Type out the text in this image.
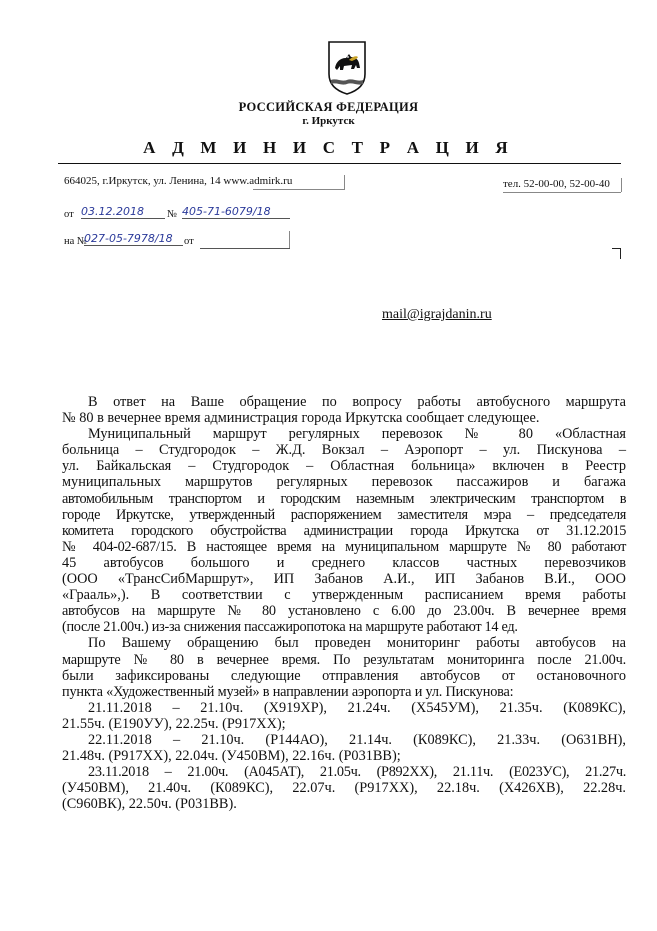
РОССИЙСКАЯ ФЕДЕРАЦИЯ
г. Иркутск
А Д М И Н И С Т Р А Ц И Я
664025, г.Иркутск, ул. Ленина, 14 www.admirk.ru	тел. 52-00-00, 52-00-40
от 03.12.2018	№ 405-71-6079/18
на №
027-05-7978/18	от
mail@igrajdanin.ru
В ответ на Ваше обращение по вопросу работы автобусного маршрута
№ 80 в вечернее время администрация города Иркутска сообщает следующее.
Муниципальный маршрут регулярных перевозок № 80 «Областная
больница – Студгородок – Ж.Д. Вокзал – Аэропорт – ул. Пискунова –
ул. Байкальская – Студгородок – Областная больница» включен в Реестр
муниципальных маршрутов регулярных перевозок пассажиров и багажа
автомобильным транспортом и городским наземным электрическим транспортом в
городе Иркутске, утвержденный распоряжением заместителя мэра – председателя
комитета городского обустройства администрации города Иркутска от 31.12.2015
№ 404-02-687/15. В настоящее время на муниципальном маршруте № 80 работают
45 автобусов большого и среднего классов частных перевозчиков
(ООО «ТрансСибМаршрут», ИП Забанов А.И., ИП Забанов В.И., ООО
«Грааль»,). В соответствии с утвержденным расписанием время работы
автобусов на маршруте № 80 установлено с 6.00 до 23.00ч. В вечернее время
(после 21.00ч.) из-за снижения пассажиропотока на маршруте работают 14 ед.
По Вашему обращению был проведен мониторинг работы автобусов на
маршруте № 80 в вечернее время. По результатам мониторинга после 21.00ч.
были зафиксированы следующие отправления автобусов от остановочного
пункта «Художественный музей» в направлении аэропорта и ул. Пискунова:
21.11.2018 – 21.10ч. (Х919ХР), 21.24ч. (Х545УМ), 21.35ч. (К089КС),
21.55ч. (Е190УУ), 22.25ч. (Р917ХХ);
22.11.2018 – 21.10ч. (Р144АО), 21.14ч. (К089КС), 21.33ч. (О631ВН),
21.48ч. (Р917ХХ), 22.04ч. (У450ВМ), 22.16ч. (Р031ВВ);
23.11.2018 – 21.00ч. (А045АТ), 21.05ч. (Р892ХХ), 21.11ч. (Е023УС), 21.27ч.
(У450ВМ), 21.40ч. (К089КС), 22.07ч. (Р917ХХ), 22.18ч. (Х426ХВ), 22.28ч.
(С960ВК), 22.50ч. (Р031ВВ).
